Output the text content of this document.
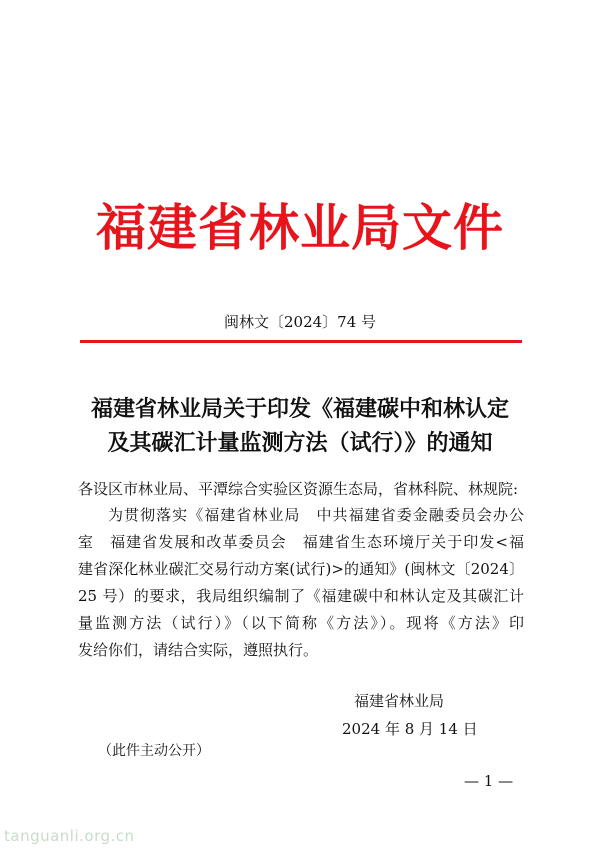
福建省林业局文件
闽林文〔2024〕74 号
福建省林业局关于印发《福建碳中和林认定
及其碳汇计量监测方法（试行）》的通知
各设区市林业局、平潭综合实验区资源生态局，省林科院、林规院:
为贯彻落实《福建省林业局　中共福建省委金融委员会办公
室　福建省发展和改革委员会　福建省生态环境厅关于印发<福
建省深化林业碳汇交易行动方案(试行)>的通知》(闽林文〔2024〕
25 号）的要求，我局组织编制了《福建碳中和林认定及其碳汇计
量监测方法（试行）》（以下简称《方法》）。现将《方法》印
发给你们，请结合实际，遵照执行。
福建省林业局
2024 年 8 月 14 日
（此件主动公开）
— 1 —
tanguanli.org.cn
